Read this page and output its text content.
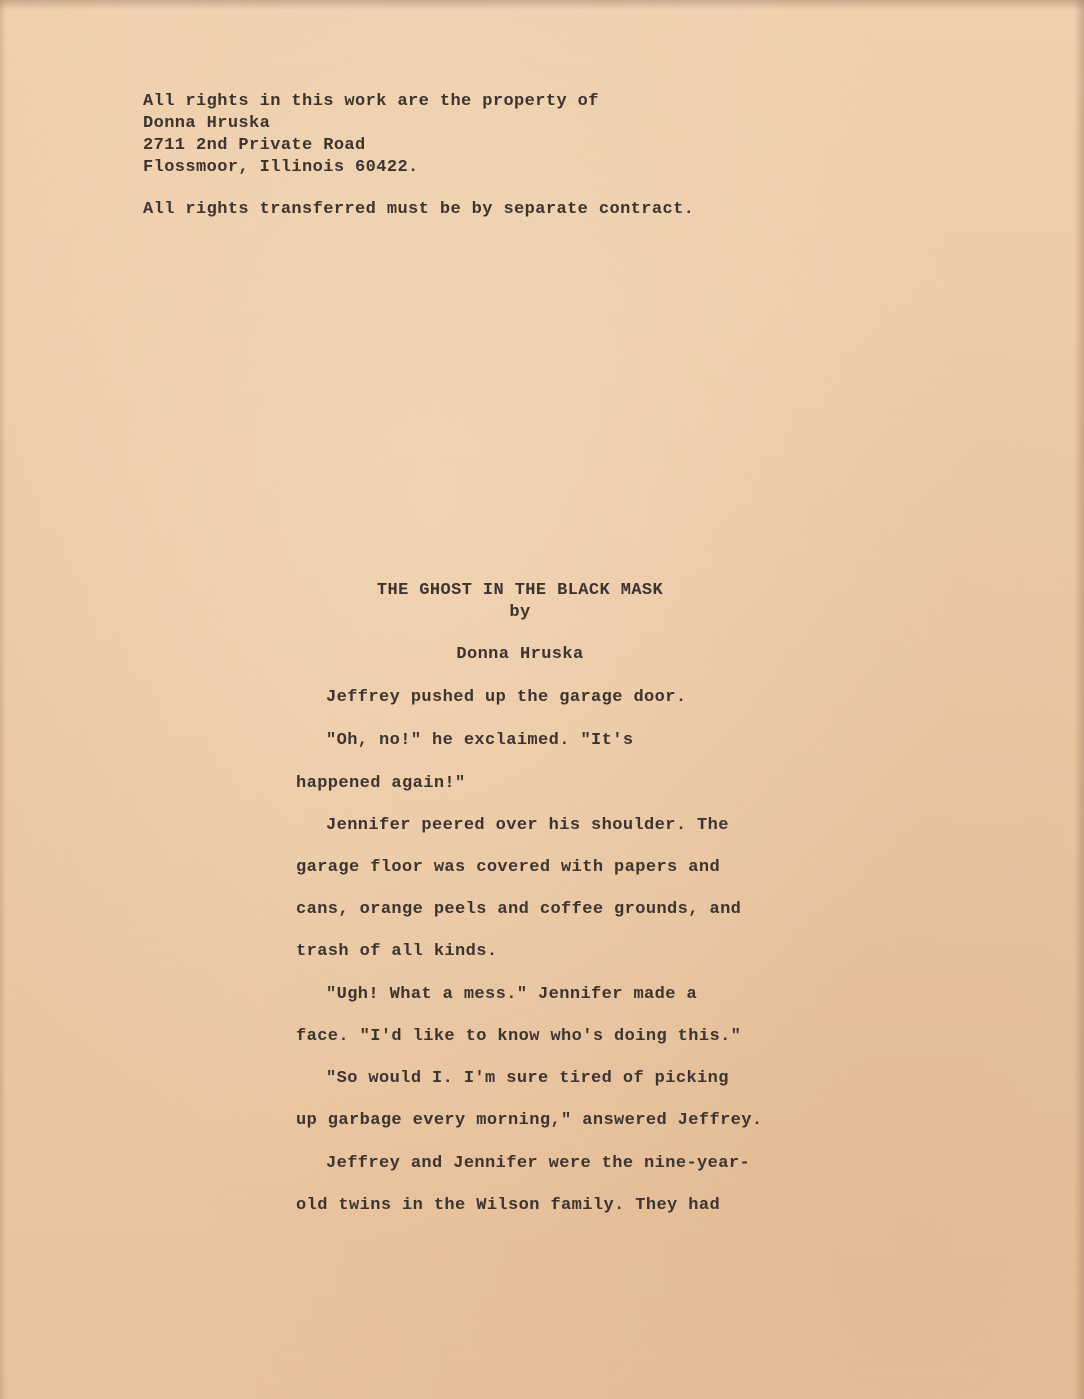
All rights in this work are the property of
Donna Hruska
2711 2nd Private Road
Flossmoor, Illinois 60422.
All rights transferred must be by separate contract.
THE GHOST IN THE BLACK MASK
by
Donna Hruska
Jeffrey pushed up the garage door.
"Oh, no!" he exclaimed. "It's
happened again!"
Jennifer peered over his shoulder. The
garage floor was covered with papers and
cans, orange peels and coffee grounds, and
trash of all kinds.
"Ugh! What a mess." Jennifer made a
face. "I'd like to know who's doing this."
"So would I. I'm sure tired of picking
up garbage every morning," answered Jeffrey.
Jeffrey and Jennifer were the nine-year-
old twins in the Wilson family. They had
